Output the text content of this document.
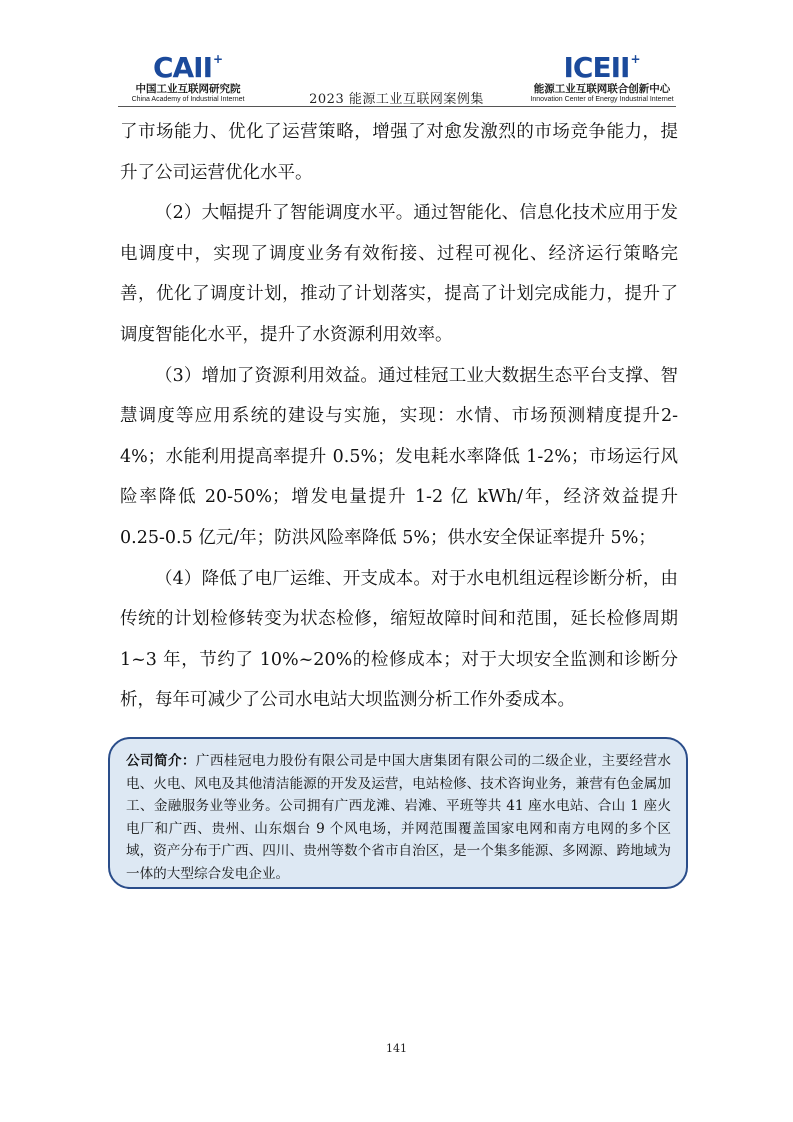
CAII +
中国工业互联网研究院
China Academy of Industrial Internet	2023 能源工业互联网案例集
ICEII +
能源工业互联网联合创新中心
Innovation Center of Energy Industrial Internet

了市场能力、优化了运营策略，增强了对愈发激烈的市场竞争能力，提升了公司运营优化水平。

（2）大幅提升了智能调度水平。通过智能化、信息化技术应用于发电调度中，实现了调度业务有效衔接、过程可视化、经济运行策略完善，优化了调度计划，推动了计划落实，提高了计划完成能力，提升了调度智能化水平，提升了水资源利用效率。

（3）增加了资源利用效益。通过桂冠工业大数据生态平台支撑、智慧调度等应用系统的建设与实施，实现：水情、市场预测精度提升2-4%；水能利用提高率提升 0.5%；发电耗水率降低 1-2%；市场运行风险率降低 20-50%；增发电量提升 1-2 亿 kWh/年，经济效益提升0.25-0.5 亿元/年；防洪风险率降低 5%；供水安全保证率提升 5%；

（4）降低了电厂运维、开支成本。对于水电机组远程诊断分析，由传统的计划检修转变为状态检修，缩短故障时间和范围，延长检修周期 1~3 年，节约了 10%~20%的检修成本；对于大坝安全监测和诊断分析，每年可减少了公司水电站大坝监测分析工作外委成本。

公司简介：广西桂冠电力股份有限公司是中国大唐集团有限公司的二级企业，主要经营水电、火电、风电及其他清洁能源的开发及运营，电站检修、技术咨询业务，兼营有色金属加工、金融服务业等业务。公司拥有广西龙滩、岩滩、平班等共 41 座水电站、合山 1 座火电厂和广西、贵州、山东烟台 9 个风电场，并网范围覆盖国家电网和南方电网的多个区域，资产分布于广西、四川、贵州等数个省市自治区，是一个集多能源、多网源、跨地域为一体的大型综合发电企业。

141
